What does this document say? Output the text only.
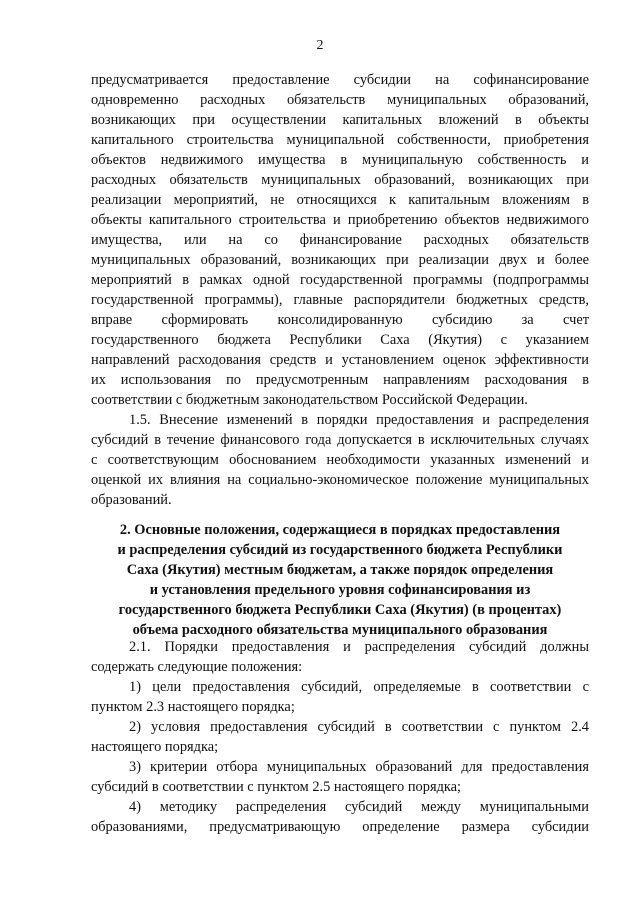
2
предусматривается предоставление субсидии на софинансирование
одновременно расходных обязательств муниципальных образований,
возникающих при осуществлении капитальных вложений в объекты
капитального строительства муниципальной собственности, приобретения
объектов недвижимого имущества в муниципальную собственность и
расходных обязательств муниципальных образований, возникающих при
реализации мероприятий, не относящихся к капитальным вложениям в
объекты капитального строительства и приобретению объектов недвижимого
имущества, или на со финансирование расходных обязательств
муниципальных образований, возникающих при реализации двух и более
мероприятий в рамках одной государственной программы (подпрограммы
государственной программы), главные распорядители бюджетных средств,
вправе сформировать консолидированную субсидию за счет
государственного бюджета Республики Саха (Якутия) с указанием
направлений расходования средств и установлением оценок эффективности
их использования по предусмотренным направлениям расходования в
соответствии с бюджетным законодательством Российской Федерации.
1.5. Внесение изменений в порядки предоставления и распределения
субсидий в течение финансового года допускается в исключительных случаях
с соответствующим обоснованием необходимости указанных изменений и
оценкой их влияния на социально-экономическое положение муниципальных
образований.
2. Основные положения, содержащиеся в порядках предоставления
и распределения субсидий из государственного бюджета Республики
Саха (Якутия) местным бюджетам, а также порядок определения
и установления предельного уровня софинансирования из
государственного бюджета Республики Саха (Якутия) (в процентах)
объема расходного обязательства муниципального образования
2.1. Порядки предоставления и распределения субсидий должны
содержать следующие положения:
1) цели предоставления субсидий, определяемые в соответствии с
пунктом 2.3 настоящего порядка;
2) условия предоставления субсидий в соответствии с пунктом 2.4
настоящего порядка;
3) критерии отбора муниципальных образований для предоставления
субсидий в соответствии с пунктом 2.5 настоящего порядка;
4) методику распределения субсидий между муниципальными
образованиями, предусматривающую определение размера субсидии
